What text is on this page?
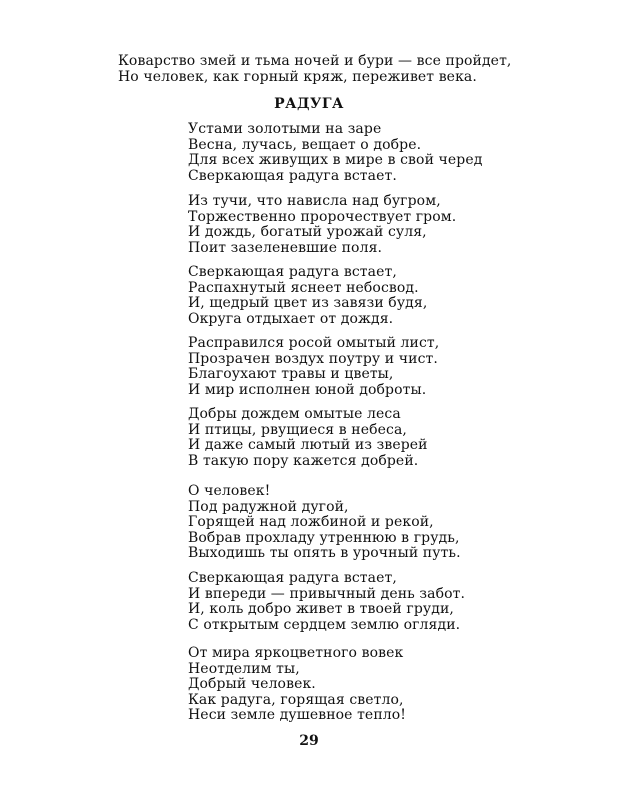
Коварство змей и тьма ночей и бури — все пройдет,
Но человек, как горный кряж, переживет века.
РАДУГА
Устами золотыми на заре
Весна, лучась, вещает о добре.
Для всех живущих в мире в свой черед
Сверкающая радуга встает.
Из тучи, что нависла над бугром,
Торжественно пророчествует гром.
И дождь, богатый урожай суля,
Поит зазеленевшие поля.
Сверкающая радуга встает,
Распахнутый яснеет небосвод.
И, щедрый цвет из завязи будя,
Округа отдыхает от дождя.
Расправился росой омытый лист,
Прозрачен воздух поутру и чист.
Благоухают травы и цветы,
И мир исполнен юной доброты.
Добры дождем омытые леса
И птицы, рвущиеся в небеса,
И даже самый лютый из зверей
В такую пору кажется добрей.
О человек!
Под радужной дугой,
Горящей над ложбиной и рекой,
Вобрав прохладу утреннюю в грудь,
Выходишь ты опять в урочный путь.
Сверкающая радуга встает,
И впереди — привычный день забот.
И, коль добро живет в твоей груди,
С открытым сердцем землю огляди.
От мира яркоцветного вовек
Неотделим ты,
Добрый человек.
Как радуга, горящая светло,
Неси земле душевное тепло!
29
